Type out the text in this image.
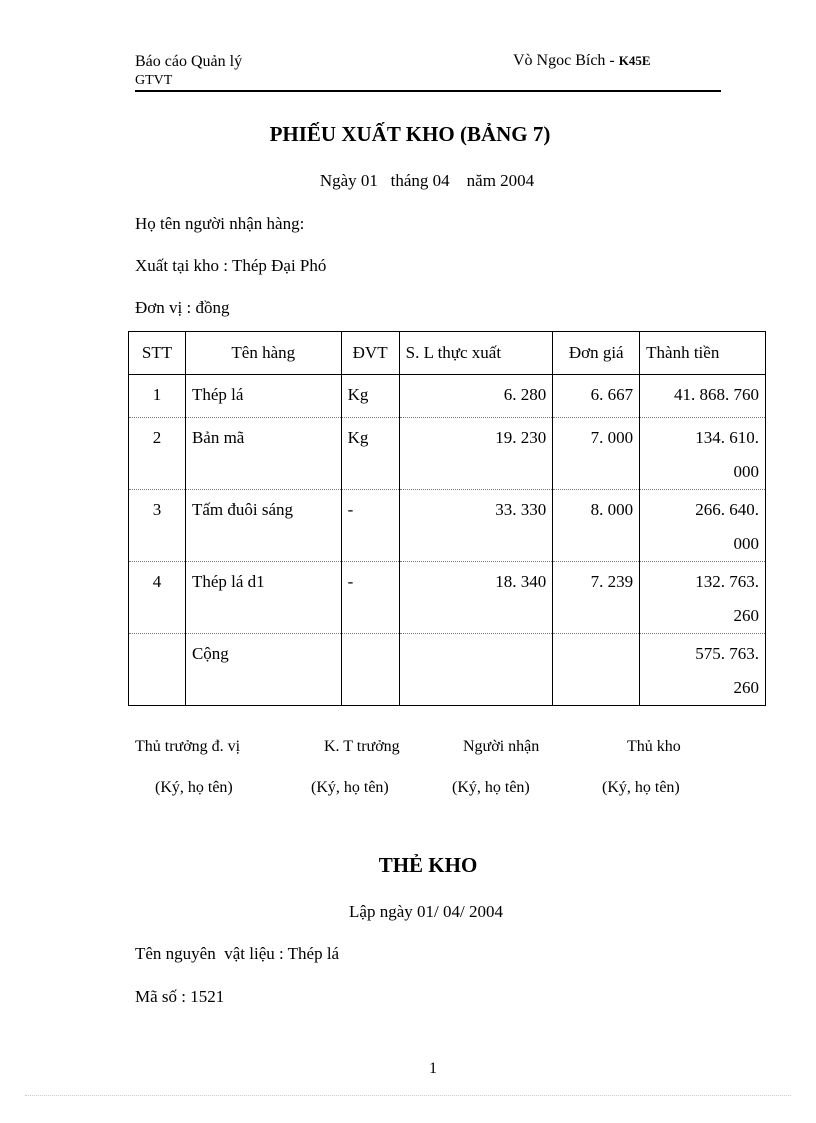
Báo cáo Quản lý
GTVT
Vò Ngoc Bích - K45E
PHIẾU XUẤT KHO (BẢNG 7)
Ngày 01   tháng 04    năm 2004
Họ tên người nhận hàng:
Xuất tại kho : Thép Đại Phó
Đơn vị : đồng
STT	Tên hàng	ĐVT	S. L thực xuất	Đơn giá	Thành tiền
1	Thép lá	Kg	6. 280	6. 667	41. 868. 760

2	Bản mã	Kg	19. 230	7. 000	134. 610.
000

3	Tấm đuôi sáng	-	33. 330	8. 000	266. 640.
000

4	Thép lá d1	-	18. 340	7. 239	132. 763.
260

	Cộng				575. 763.
260
Thủ trưởng đ. vị	K. T trưởng	Người nhận	Thủ kho
(Ký, họ tên)	(Ký, họ tên)	(Ký, họ tên)	(Ký, họ tên)
THẺ KHO
Lập ngày 01/ 04/ 2004
Tên nguyên  vật liệu : Thép lá
Mã số : 1521
1
